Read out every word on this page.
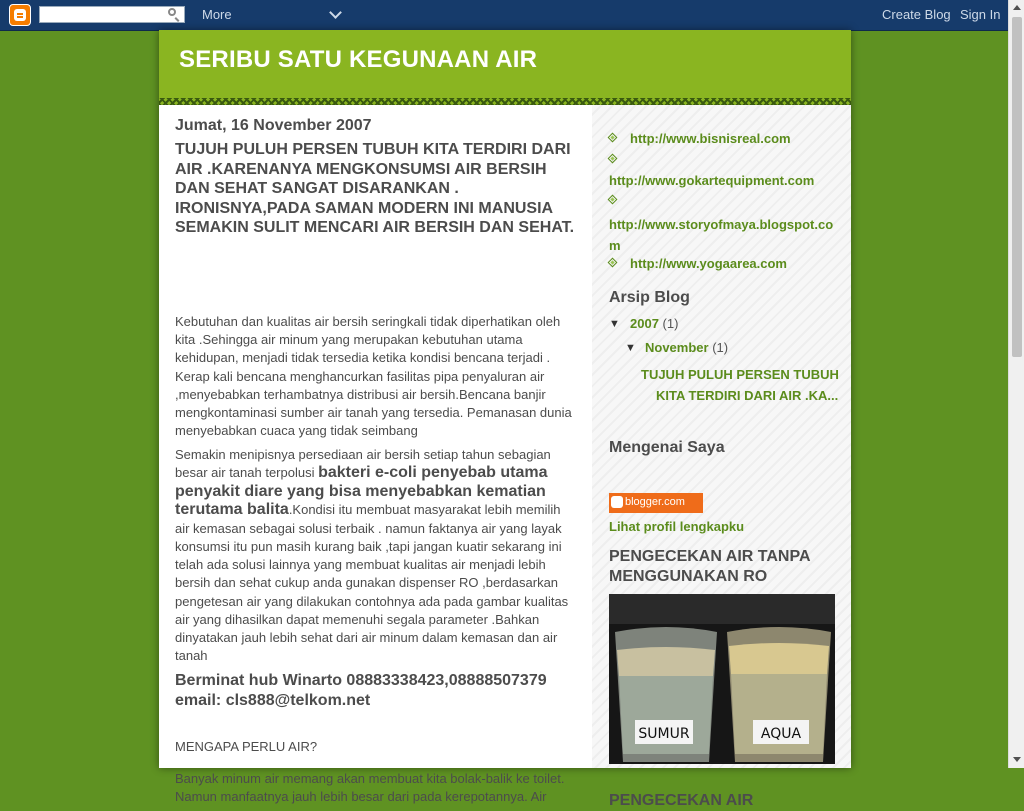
More	Create Blog Sign In
SERIBU SATU KEGUNAAN AIR
Jumat, 16 November 2007
TUJUH PULUH PERSEN TUBUH KITA TERDIRI DARI AIR .KARENANYA MENGKONSUMSI AIR BERSIH DAN SEHAT SANGAT DISARANKAN . IRONISNYA,PADA SAMAN MODERN INI MANUSIA SEMAKIN SULIT MENCARI AIR BERSIH DAN SEHAT.
Kebutuhan dan kualitas air bersih seringkali tidak diperhatikan oleh kita .Sehingga air minum yang merupakan kebutuhan utama kehidupan, menjadi tidak tersedia ketika kondisi bencana terjadi . Kerap kali bencana menghancurkan fasilitas pipa penyaluran air ,menyebabkan terhambatnya distribusi air bersih.Bencana banjir mengkontaminasi sumber air tanah yang tersedia. Pemanasan dunia menyebabkan cuaca yang tidak seimbang
Semakin menipisnya persediaan air bersih setiap tahun sebagian besar air tanah terpolusi bakteri e-coli penyebab utama penyakit diare yang bisa menyebabkan kematian terutama balita.Kondisi itu membuat masyarakat lebih memilih air kemasan sebagai solusi terbaik . namun faktanya air yang layak konsumsi itu pun masih kurang baik ,tapi jangan kuatir sekarang ini telah ada solusi lainnya yang membuat kualitas air menjadi lebih bersih dan sehat cukup anda gunakan dispenser RO ,berdasarkan pengetesan air yang dilakukan contohnya ada pada gambar kualitas air yang dihasilkan dapat memenuhi segala parameter .Bahkan dinyatakan jauh lebih sehat dari air minum dalam kemasan dan air tanah
Berminat hub Winarto 08883338423,08888507379 email: cls888@telkom.net
MENGAPA PERLU AIR?
Banyak minum air memang akan membuat kita bolak-balik ke toilet. Namun manfaatnya jauh lebih besar dari pada kerepotannya. Air
http://www.bisnisreal.com
http://www.gokartequipment.com
http://www.storyofmaya.blogspot.com
http://www.yogaarea.com
Arsip Blog
▼ 2007 (1)
▼ November (1)
TUJUH PULUH PERSEN TUBUH KITA TERDIRI DARI AIR .KA...
Mengenai Saya
blogger.com
Lihat profil lengkapku
PENGECEKAN AIR TANPA MENGGUNAKAN RO
SUMUR	AQUA
PENGECEKAN AIR
